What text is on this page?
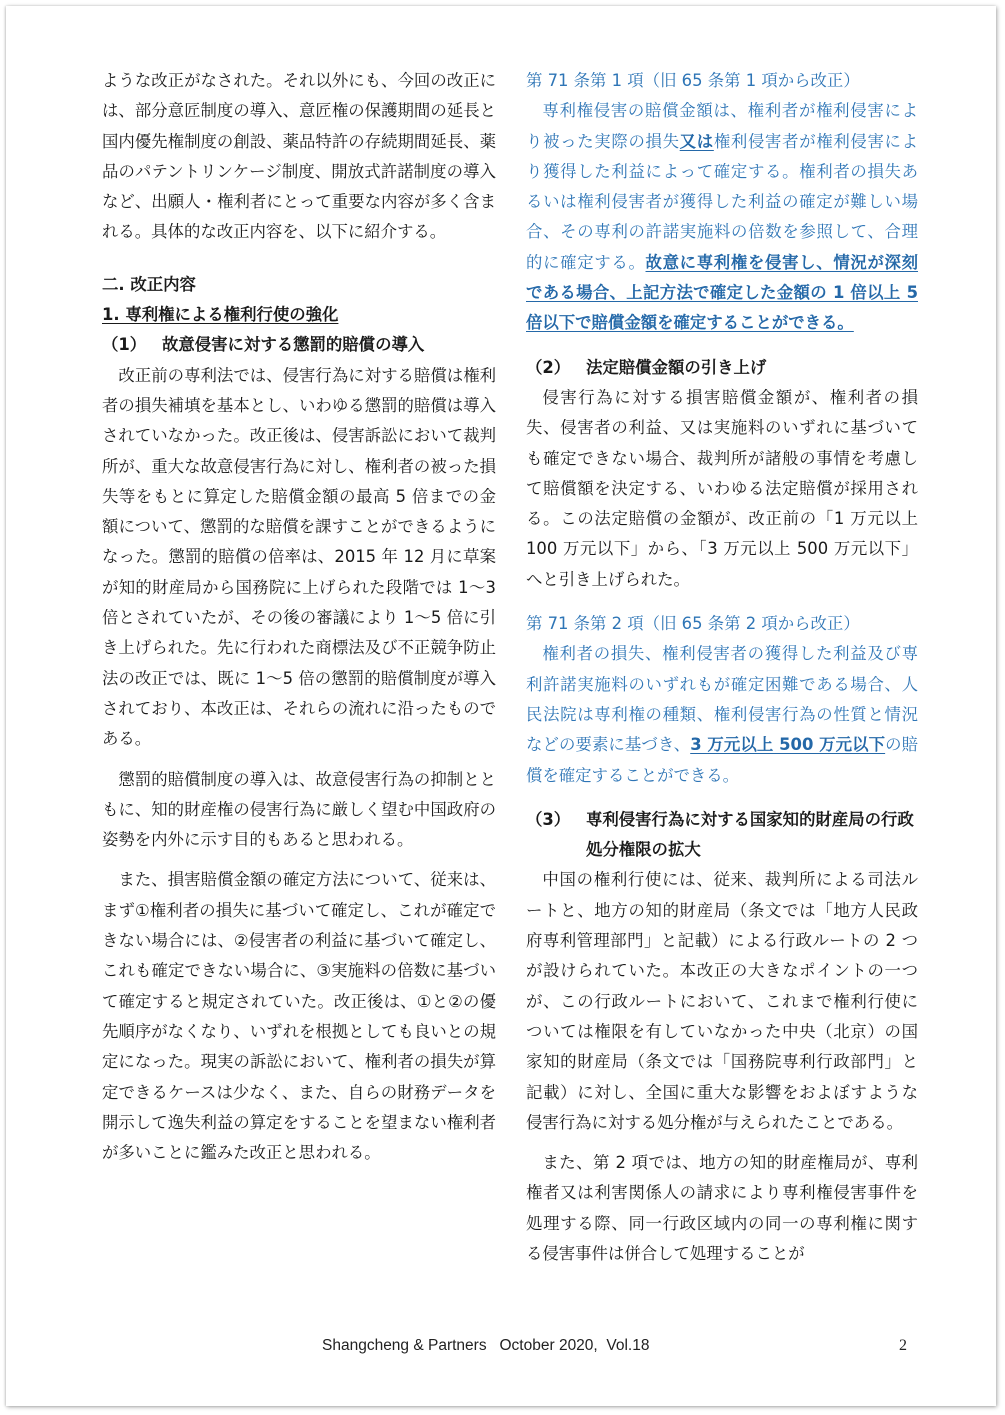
ような改正がなされた。それ以外にも、今回の改正には、部分意匠制度の導入、意匠権の保護期間の延長と国内優先権制度の創設、薬品特許の存続期間延長、薬品のパテントリンケージ制度、開放式許諾制度の導入など、出願人・権利者にとって重要な内容が多く含まれる。具体的な改正内容を、以下に紹介する。

二. 改正内容

1. 専利権による権利行使の強化

（1） 故意侵害に対する懲罰的賠償の導入

改正前の専利法では、侵害行為に対する賠償は権利者の損失補填を基本とし、いわゆる懲罰的賠償は導入されていなかった。改正後は、侵害訴訟において裁判所が、重大な故意侵害行為に対し、権利者の被った損失等をもとに算定した賠償金額の最高 5 倍までの金額について、懲罰的な賠償を課すことができるようになった。懲罰的賠償の倍率は、2015 年 12 月に草案が知的財産局から国務院に上げられた段階では 1〜3 倍とされていたが、その後の審議により 1〜5 倍に引き上げられた。先に行われた商標法及び不正競争防止法の改正では、既に 1〜5 倍の懲罰的賠償制度が導入されており、本改正は、それらの流れに沿ったものである。

懲罰的賠償制度の導入は、故意侵害行為の抑制とともに、知的財産権の侵害行為に厳しく望む中国政府の姿勢を内外に示す目的もあると思われる。

また、損害賠償金額の確定方法について、従来は、まず①権利者の損失に基づいて確定し、これが確定できない場合には、②侵害者の利益に基づいて確定し、これも確定できない場合に、③実施料の倍数に基づいて確定すると規定されていた。改正後は、①と②の優先順序がなくなり、いずれを根拠としても良いとの規定になった。現実の訴訟において、権利者の損失が算定できるケースは少なく、また、自らの財務データを開示して逸失利益の算定をすることを望まない権利者が多いことに鑑みた改正と思われる。

第 71 条第 1 項（旧 65 条第 1 項から改正）

専利権侵害の賠償金額は、権利者が権利侵害により被った実際の損失又は権利侵害者が権利侵害により獲得した利益によって確定する。権利者の損失あるいは権利侵害者が獲得した利益の確定が難しい場合、その専利の許諾実施料の倍数を参照して、合理的に確定する。故意に専利権を侵害し、情況が深刻である場合、上記方法で確定した金額の 1 倍以上 5 倍以下で賠償金額を確定することができる。

（2） 法定賠償金額の引き上げ

侵害行為に対する損害賠償金額が、権利者の損失、侵害者の利益、又は実施料のいずれに基づいても確定できない場合、裁判所が諸般の事情を考慮して賠償額を決定する、いわゆる法定賠償が採用される。この法定賠償の金額が、改正前の「1 万元以上 100 万元以下」から、「3 万元以上 500 万元以下」へと引き上げられた。

第 71 条第 2 項（旧 65 条第 2 項から改正）

権利者の損失、権利侵害者の獲得した利益及び専利許諾実施料のいずれもが確定困難である場合、人民法院は専利権の種類、権利侵害行為の性質と情況などの要素に基づき、3 万元以上 500 万元以下の賠償を確定することができる。

（3） 専利侵害行為に対する国家知的財産局の行政処分権限の拡大

中国の権利行使には、従来、裁判所による司法ルートと、地方の知的財産局（条文では「地方人民政府専利管理部門」と記載）による行政ルートの 2 つが設けられていた。本改正の大きなポイントの一つが、この行政ルートにおいて、これまで権利行使については権限を有していなかった中央（北京）の国家知的財産局（条文では「国務院専利行政部門」と記載）に対し、全国に重大な影響をおよぼすような侵害行為に対する処分権が与えられたことである。

また、第 2 項では、地方の知的財産権局が、専利権者又は利害関係人の請求により専利権侵害事件を処理する際、同一行政区域内の同一の専利権に関する侵害事件は併合して処理することが

Shangcheng & Partners   October 2020,  Vol.18	2
